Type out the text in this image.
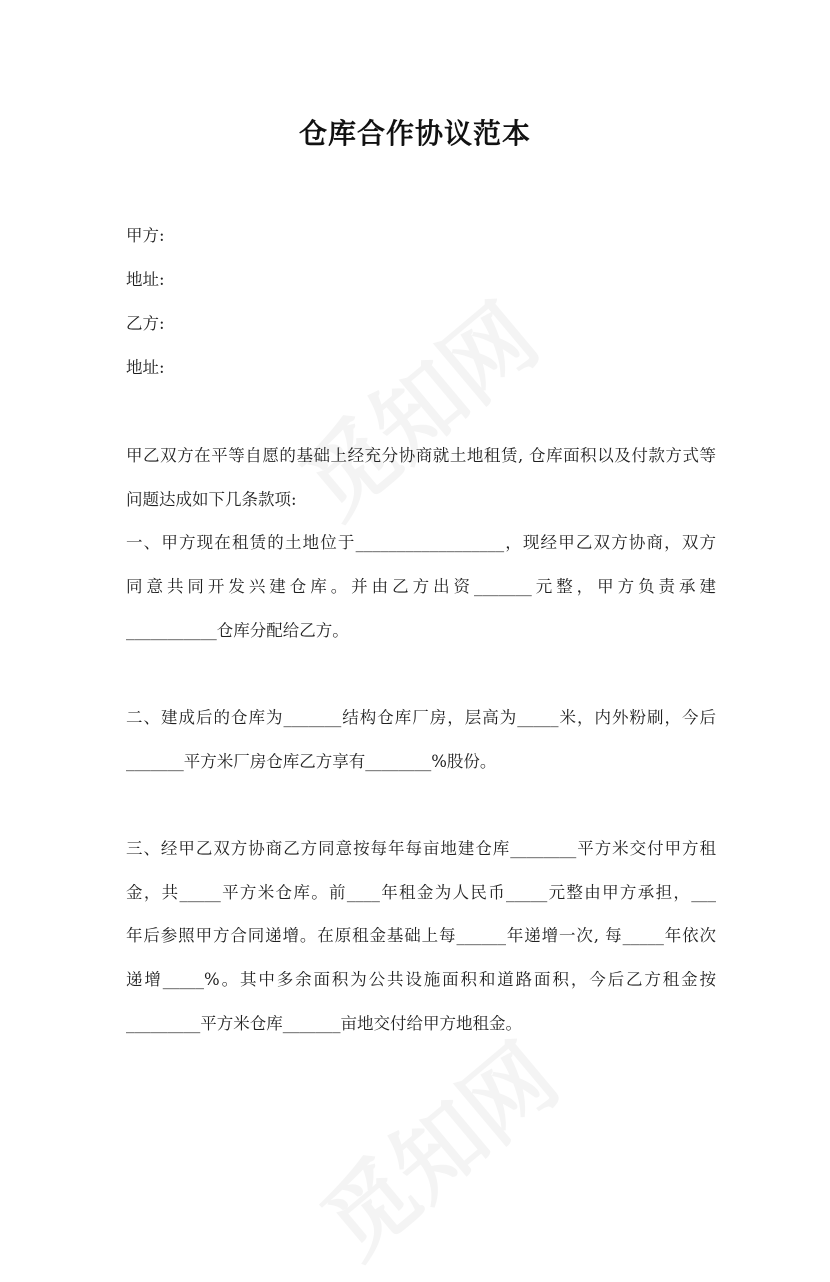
仓库合作协议范本
甲方:
地址:
乙方:
地址:
甲乙双方在平等自愿的基础上经充分协商就土地租赁, 仓库面积以及付款方式等
问题达成如下几条款项:
一、甲方现在租赁的土地位于__________________，现经甲乙双方协商，双方
同意共同开发兴建仓库。并由乙方出资_______元整，甲方负责承建
___________仓库分配给乙方。
二、建成后的仓库为_______结构仓库厂房，层高为_____米，内外粉刷，今后
_______平方米厂房仓库乙方享有________%股份。
三、经甲乙双方协商乙方同意按每年每亩地建仓库________平方米交付甲方租
金，共_____平方米仓库。前____年租金为人民币_____元整由甲方承担，___
年后参照甲方合同递增。在原租金基础上每______年递增一次, 每_____年依次
递增_____%。其中多余面积为公共设施面积和道路面积，今后乙方租金按
_________平方米仓库_______亩地交付给甲方地租金。
